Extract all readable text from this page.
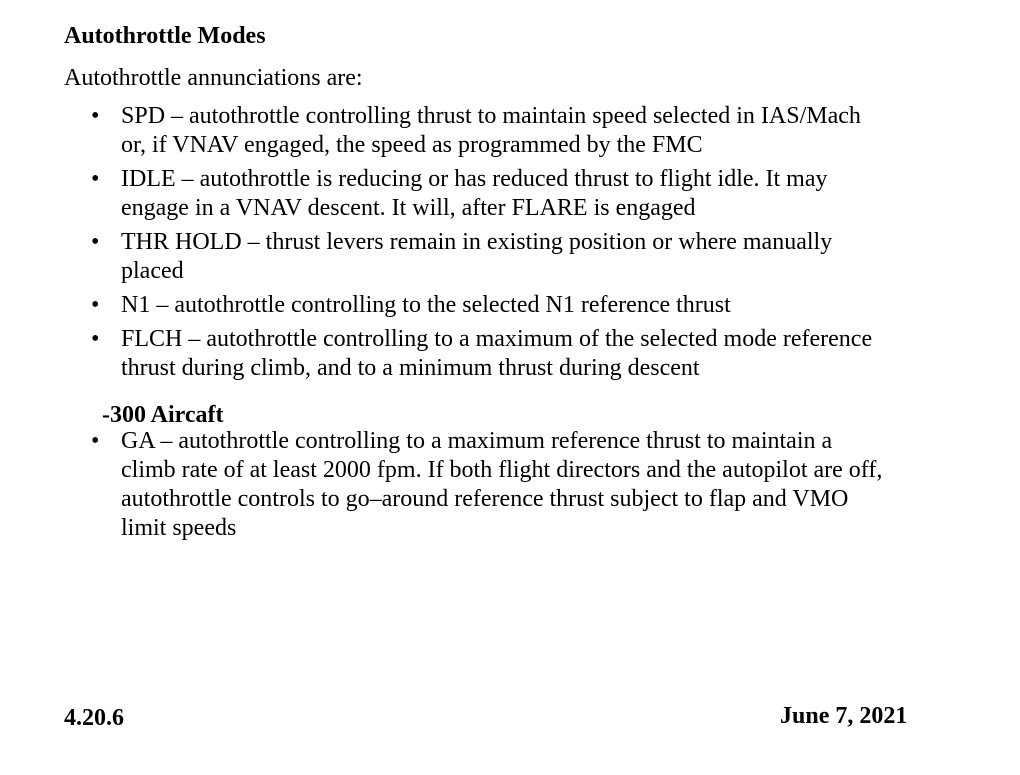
Autothrottle Modes
Autothrottle annunciations are:
• SPD – autothrottle controlling thrust to maintain speed selected in IAS/Mach or, if VNAV engaged, the speed as programmed by the FMC
• IDLE – autothrottle is reducing or has reduced thrust to flight idle. It may engage in a VNAV descent. It will, after FLARE is engaged
• THR HOLD – thrust levers remain in existing position or where manually placed
• N1 – autothrottle controlling to the selected N1 reference thrust
• FLCH – autothrottle controlling to a maximum of the selected mode reference thrust during climb, and to a minimum thrust during descent
-300 Aircaft
• GA – autothrottle controlling to a maximum reference thrust to maintain a climb rate of at least 2000 fpm. If both flight directors and the autopilot are off, autothrottle controls to go–around reference thrust subject to flap and VMO limit speeds
4.20.6	June 7, 2021
